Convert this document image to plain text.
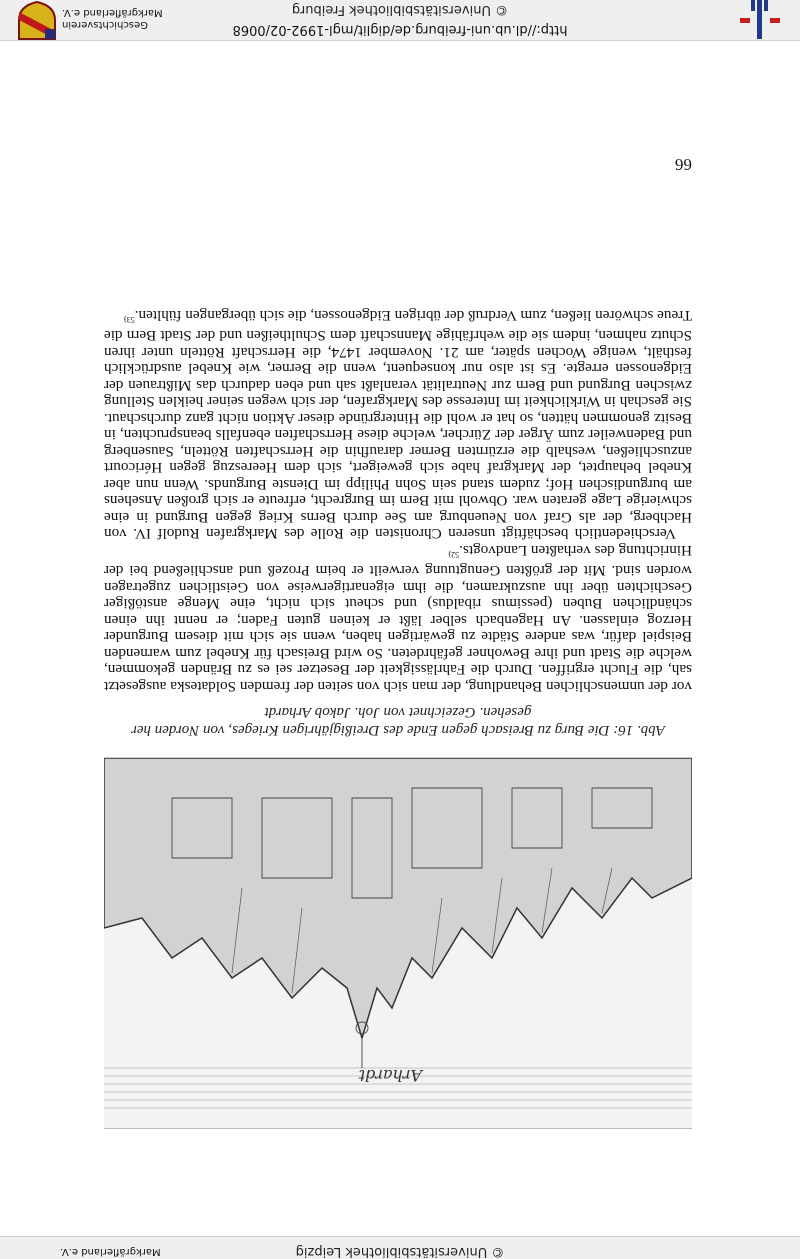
http://dl.ub.uni-freiburg.de/diglit/mgl-1992-02/0068
© Universitätsbibliothek Freiburg
Geschichtsverein Markgräflerland e.V.
© Universitätsbibliothek Leipzig
Markgräflerland e.V.
Arhardt
Abb. 16: Die Burg zu Breisach gegen Ende des Dreißigjährigen Krieges, von Norden her gesehen. Gezeichnet von Joh. Jakob Arhardt

vor der unmenschlichen Behandlung, der man sich von seiten der fremden Soldateska ausgesetzt sah, die Flucht ergriffen. Durch die Fahrlässigkeit der Besetzer sei es zu Bränden gekommen, welche die Stadt und ihre Bewohner gefährdeten. So wird Breisach für Knebel zum warnenden Beispiel dafür, was andere Städte zu gewärtigen haben, wenn sie sich mit diesem Burgunder Herzog einlassen. An Hagenbach selber läßt er keinen guten Faden; er nennt ihn einen schändlichen Buben (pessimus ribaldus) und scheut sich nicht, eine Menge anstößiger Geschichten über ihn auszukramen, die ihm eigenartigerweise von Geistlichen zugetragen worden sind. Mit der größten Genugtuung verweilt er beim Prozeß und anschließend bei der Hinrichtung des verhaßten Landvogts.$^{52)}$

Verschiedentlich beschäftigt unseren Chronisten die Rolle des Markgrafen Rudolf IV. von Hachberg, der als Graf von Neuenburg am See durch Berns Krieg gegen Burgund in eine schwierige Lage geraten war. Obwohl mit Bern im Burgrecht, erfreute er sich großen Ansehens am burgundischen Hof; zudem stand sein Sohn Philipp im Dienste Burgunds. Wenn nun aber Knebel behauptet, der Markgraf habe sich geweigert, sich dem Heereszug gegen Héricourt anzuschließen, weshalb die erzürnten Berner daraufhin die Herrschaften Rötteln, Sausenberg und Badenweiler zum Ärger der Zürcher, welche diese Herrschaften ebenfalls beanspruchten, in Besitz genommen hätten, so hat er wohl die Hintergründe dieser Aktion nicht ganz durchschaut. Sie geschah in Wirklichkeit im Interesse des Markgrafen, der sich wegen seiner heiklen Stellung zwischen Burgund und Bern zur Neutralität veranlaßt sah und eben dadurch das Mißtrauen der Eidgenossen erregte. Es ist also nur konsequent, wenn die Berner, wie Knebel ausdrücklich festhält, wenige Wochen später, am 21. November 1474, die Herrschaft Rötteln unter ihren Schutz nahmen, indem sie die wehrfähige Mannschaft dem Schultheißen und der Stadt Bern die Treue schwören ließen, zum Verdruß der übrigen Eidgenossen, die sich übergangen fühlten.$^{53)}$

66
